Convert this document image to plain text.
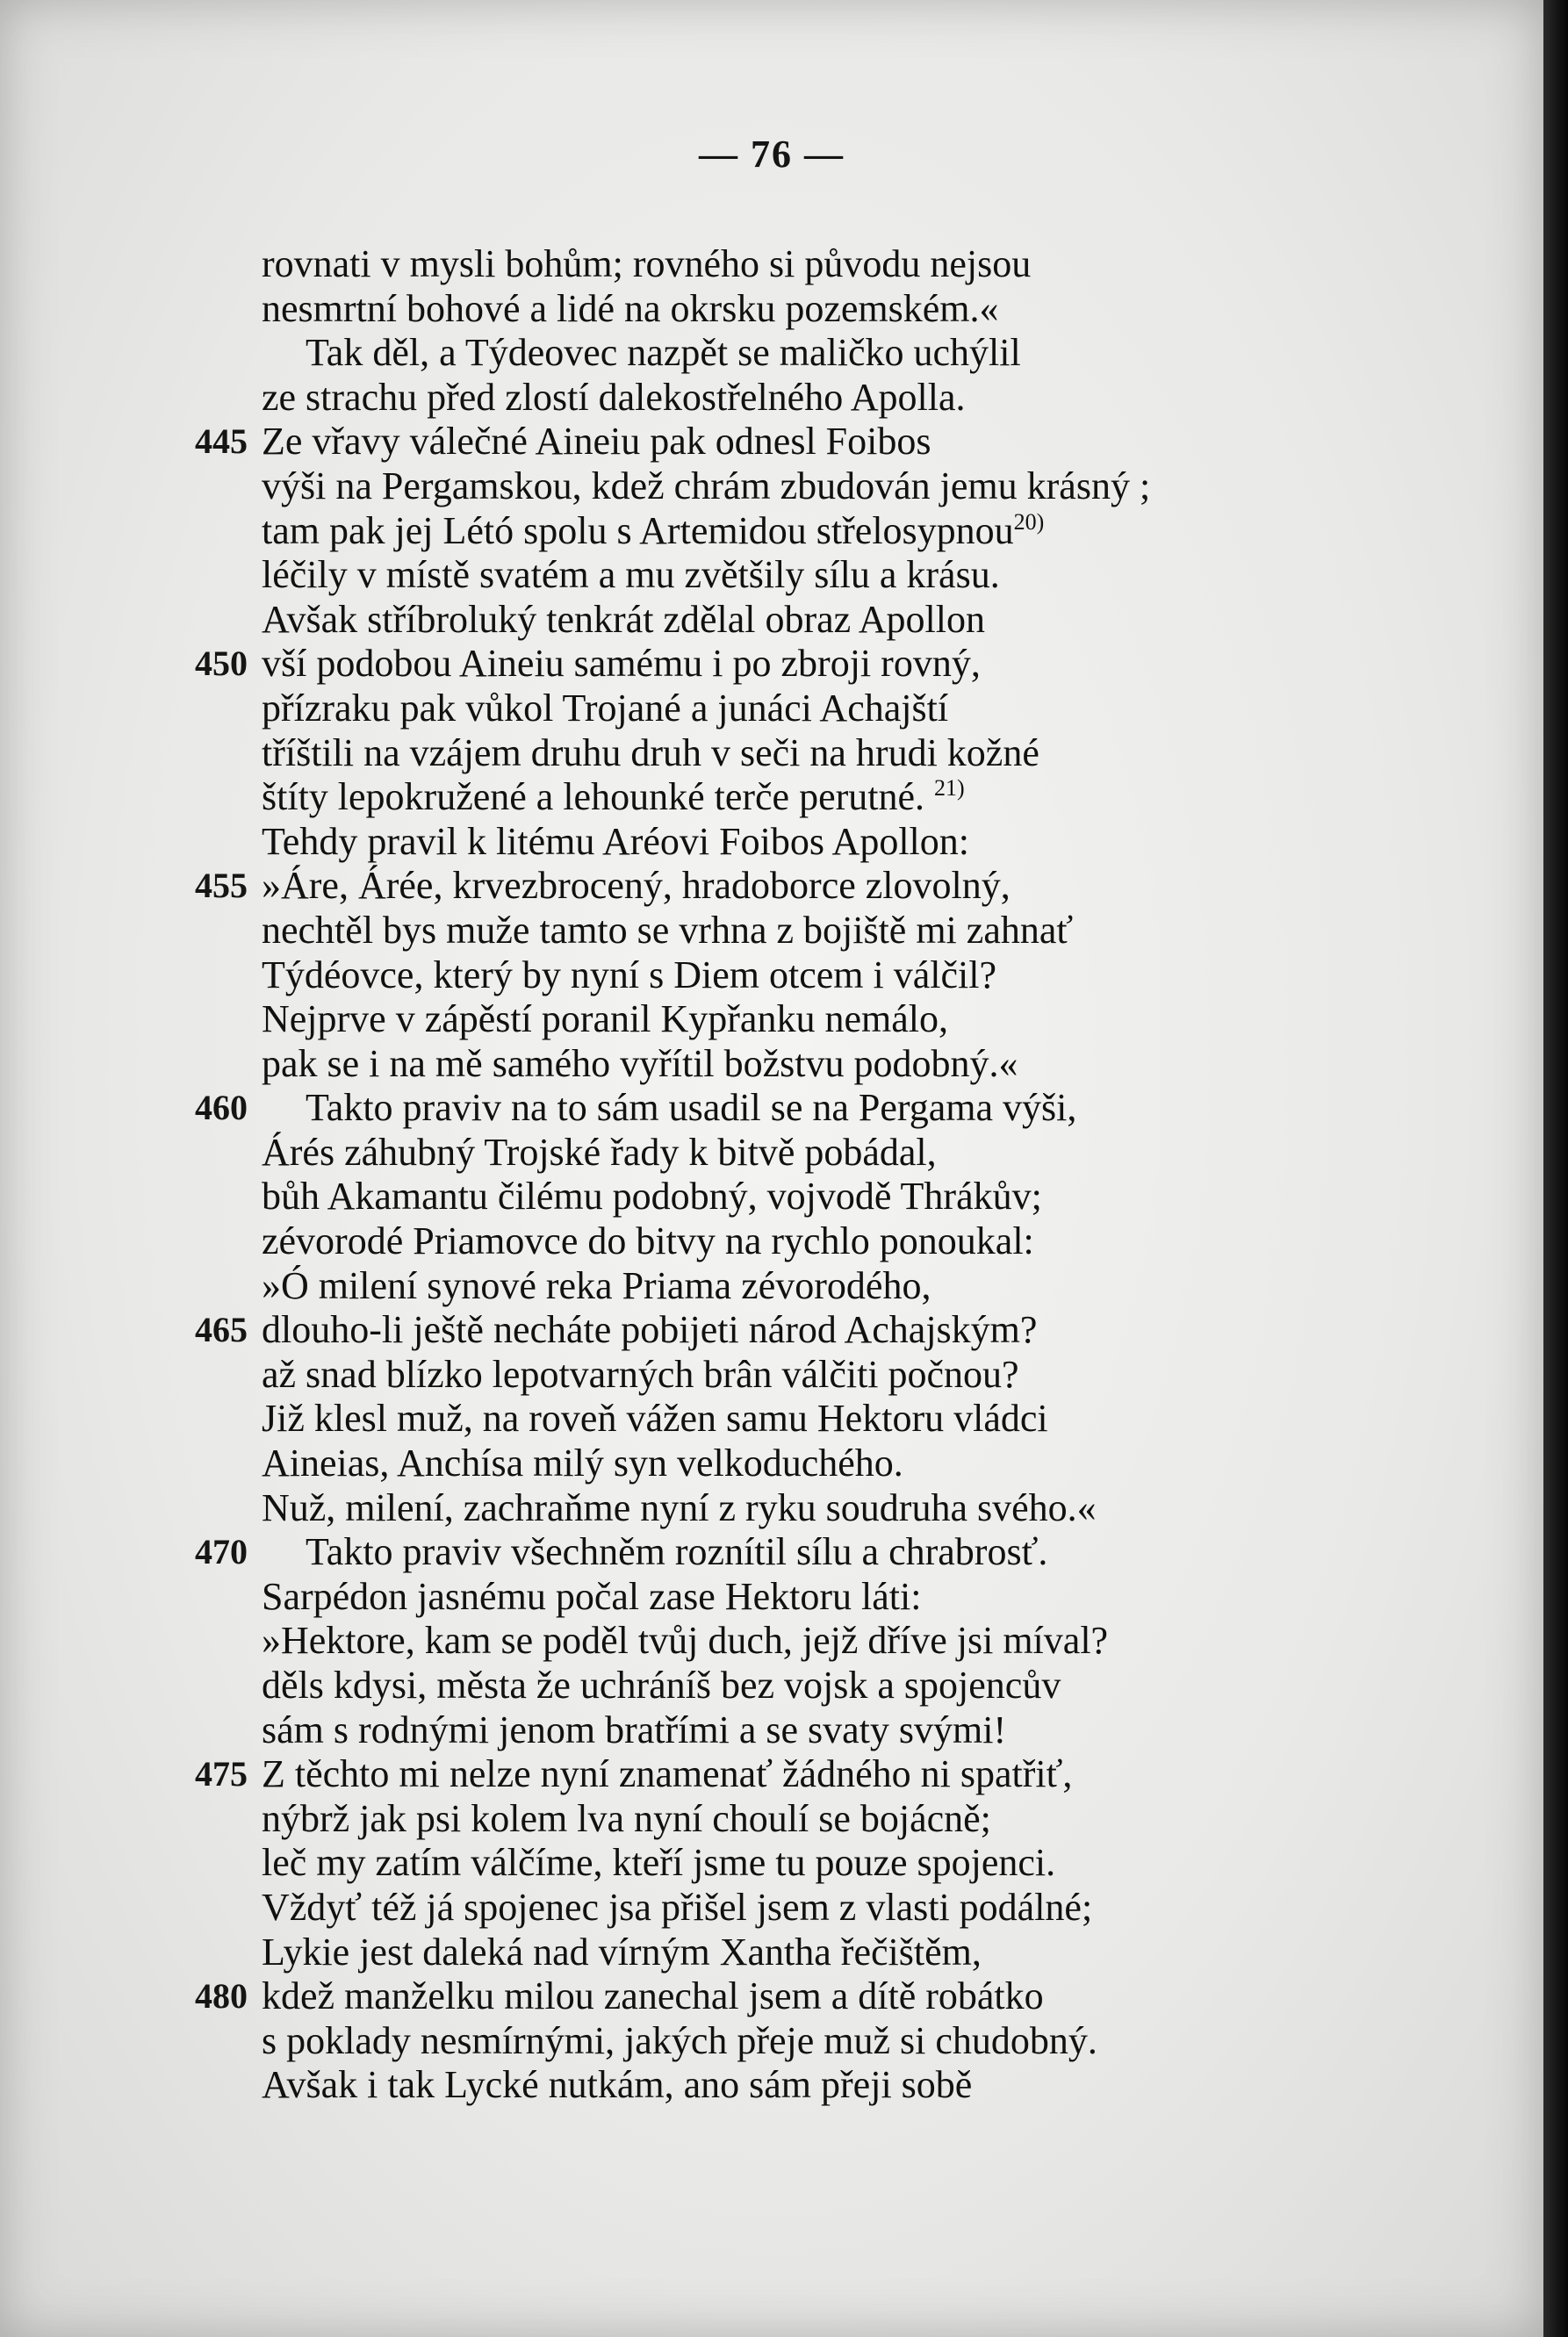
— 76 —
rovnati v mysli bohům; rovného si původu nejsou
nesmrtní bohové a lidé na okrsku pozemském.«
Tak děl, a Týdeovec nazpět se maličko uchýlil
ze strachu před zlostí dalekostřelného Apolla.
445 Ze vřavy válečné Aineiu pak odnesl Foibos
výši na Pergamskou, kdež chrám zbudován jemu krásný ;
tam pak jej Létó spolu s Artemidou střelosypnou$^{20)}$
léčily v místě svatém a mu zvětšily sílu a krásu.
Avšak stříbroluký tenkrát zdělal obraz Apollon
450 vší podobou Aineiu samému i po zbroji rovný,
přízraku pak vůkol Trojané a junáci Achajští
tříštili na vzájem druhu druh v seči na hrudi kožné
štíty lepokružené a lehounké terče perutné. $^{21)}$
Tehdy pravil k litému Aréovi Foibos Apollon:
455 »Áre, Árée, krvezbrocený, hradoborce zlovolný,
nechtěl bys muže tamto se vrhna z bojiště mi zahnať
Týdéovce, který by nyní s Diem otcem i válčil?
Nejprve v zápěstí poranil Kypřanku nemálo,
pak se i na mě samého vyřítil božstvu podobný.«
460 Takto praviv na to sám usadil se na Pergama výši,
Árés záhubný Trojské řady k bitvě pobádal,
bůh Akamantu čilému podobný, vojvodě Thrákův;
zévorodé Priamovce do bitvy na rychlo ponoukal:
»Ó milení synové reka Priama zévorodého,
465 dlouho-li ještě necháte pobijeti národ Achajským?
až snad blízko lepotvarných brân válčiti počnou?
Již klesl muž, na roveň vážen samu Hektoru vládci
Aineias, Anchísa milý syn velkoduchého.
Nuž, milení, zachraňme nyní z ryku soudruha svého.«
470 Takto praviv všechněm roznítil sílu a chrabrosť.
Sarpédon jasnému počal zase Hektoru láti:
»Hektore, kam se poděl tvůj duch, jejž dříve jsi míval?
děls kdysi, města že uchráníš bez vojsk a spojencův
sám s rodnými jenom bratřími a se svaty svými!
475 Z těchto mi nelze nyní znamenať žádného ni spatřiť,
nýbrž jak psi kolem lva nyní choulí se bojácně;
leč my zatím válčíme, kteří jsme tu pouze spojenci.
Vždyť též já spojenec jsa přišel jsem z vlasti podálné;
Lykie jest daleká nad vírným Xantha řečištěm,
480 kdež manželku milou zanechal jsem a dítě robátko
s poklady nesmírnými, jakých přeje muž si chudobný.
Avšak i tak Lycké nutkám, ano sám přeji sobě
